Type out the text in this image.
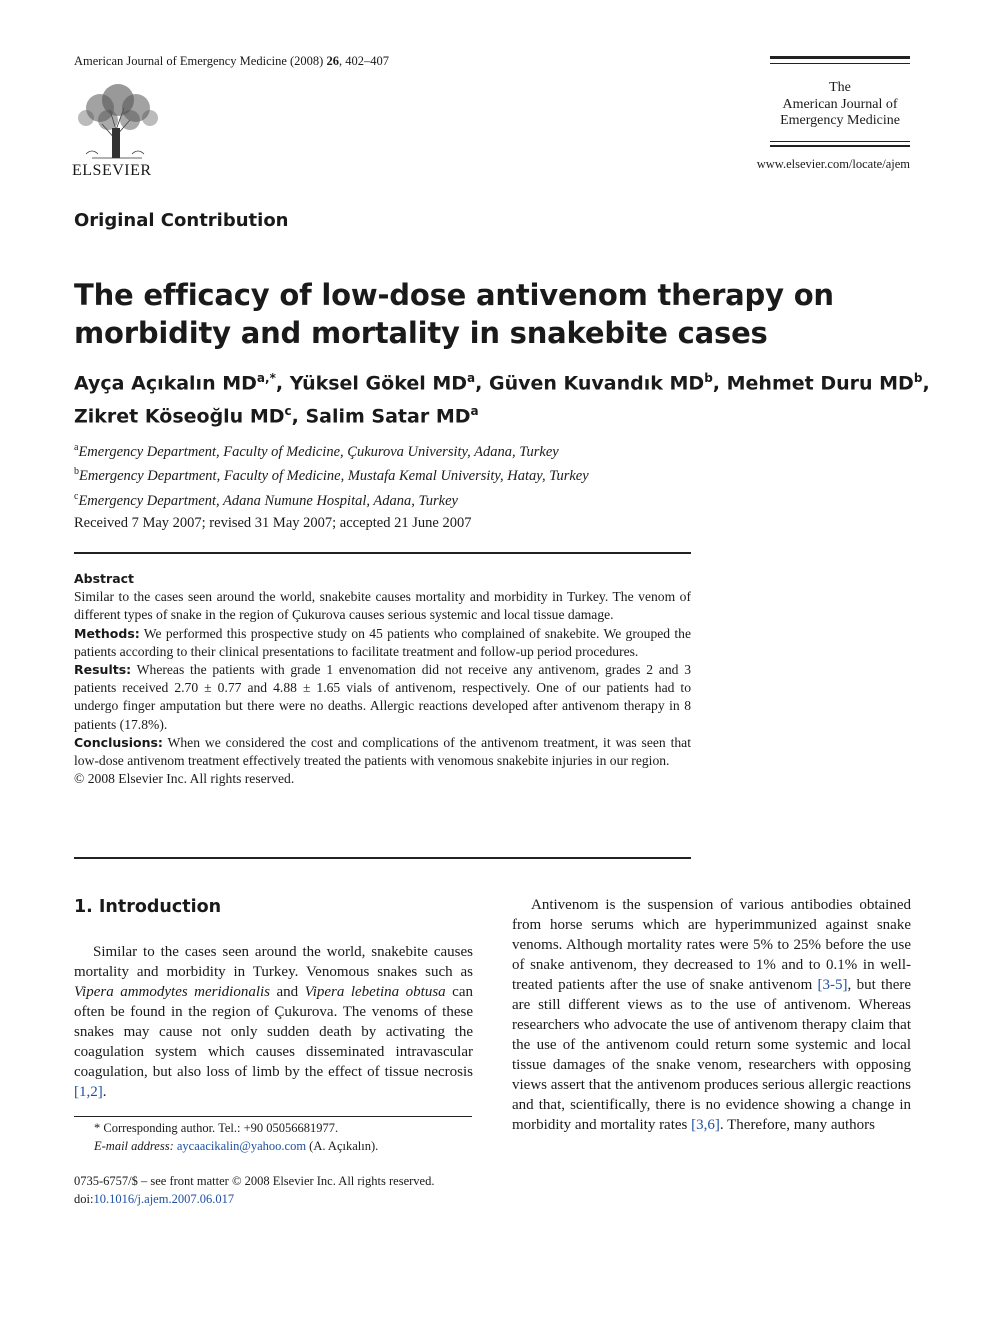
American Journal of Emergency Medicine (2008) 26, 402–407
ELSEVIER
The
American Journal of
Emergency Medicine
www.elsevier.com/locate/ajem
Original Contribution
The efficacy of low-dose antivenom therapy on morbidity and mortality in snakebite cases
Ayça Açıkalın $MD^{a,*}$, Yüksel Gökel $MD^a$, Güven Kuvandık $MD^b$, Mehmet Duru $MD^b$,
Zikret Köseoğlu $MD^c$, Salim Satar $MD^a$
$^a$Emergency Department, Faculty of Medicine, Çukurova University, Adana, Turkey
$^b$Emergency Department, Faculty of Medicine, Mustafa Kemal University, Hatay, Turkey
$^c$Emergency Department, Adana Numune Hospital, Adana, Turkey
Received 7 May 2007; revised 31 May 2007; accepted 21 June 2007
Abstract

Similar to the cases seen around the world, snakebite causes mortality and morbidity in Turkey. The venom of different types of snake in the region of Çukurova causes serious systemic and local tissue damage.

Methods: We performed this prospective study on 45 patients who complained of snakebite. We grouped the patients according to their clinical presentations to facilitate treatment and follow-up period procedures.

Results: Whereas the patients with grade 1 envenomation did not receive any antivenom, grades 2 and 3 patients received 2.70 ± 0.77 and 4.88 ± 1.65 vials of antivenom, respectively. One of our patients had to undergo finger amputation but there were no deaths. Allergic reactions developed after antivenom therapy in 8 patients (17.8%).

Conclusions: When we considered the cost and complications of the antivenom treatment, it was seen that low-dose antivenom treatment effectively treated the patients with venomous snakebite injuries in our region.

© 2008 Elsevier Inc. All rights reserved.

1. Introduction

Similar to the cases seen around the world, snakebite causes mortality and morbidity in Turkey. Venomous snakes such as Vipera ammodytes meridionalis and Vipera lebetina obtusa can often be found in the region of Çukurova. The venoms of these snakes may cause not only sudden death by activating the coagulation system which causes disseminated intravascular coagulation, but also loss of limb by the effect of tissue necrosis [1,2].

Antivenom is the suspension of various antibodies obtained from horse serums which are hyperimmunized against snake venoms. Although mortality rates were 5% to 25% before the use of snake antivenom, they decreased to 1% and to 0.1% in well-treated patients after the use of snake antivenom [3-5], but there are still different views as to the use of antivenom. Whereas researchers who advocate the use of antivenom therapy claim that the use of the antivenom could return some systemic and local tissue damages of the snake venom, researchers with opposing views assert that the antivenom produces serious allergic reactions and that, scientifically, there is no evidence showing a change in morbidity and mortality rates [3,6]. Therefore, many authors

* Corresponding author. Tel.: +90 05056681977.
E-mail address: aycaacikalin@yahoo.com (A. Açıkalın).
0735-6757/$ – see front matter © 2008 Elsevier Inc. All rights reserved.
doi:10.1016/j.ajem.2007.06.017
